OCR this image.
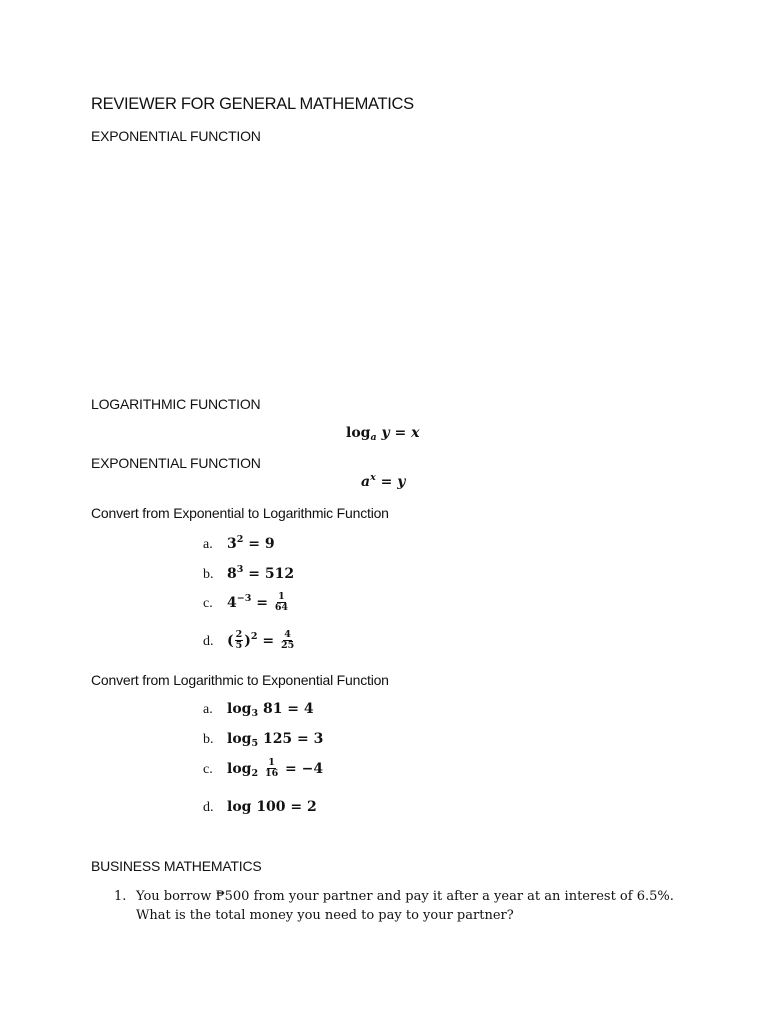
REVIEWER FOR GENERAL MATHEMATICS
EXPONENTIAL FUNCTION
LOGARITHMIC FUNCTION
$\log_a y = x$
EXPONENTIAL FUNCTION
$a^x = y$
Convert from Exponential to Logarithmic Function
a. $3^2 = 9$
b. $8^3 = 512$
c. $4^{-3} = \frac{1}{64}$
d. ( $\frac{2}{5} )^2 = \frac{4}{25}$
Convert from Logarithmic to Exponential Function
a. $\log_3 81 = 4$
b. $\log_5 125 = 3$
c. $\log_2 \frac{1}{16} = -4$
d. log 100 = 2
BUSINESS MATHEMATICS
1. You borrow ₱500 from your partner and pay it after a year at an interest of 6.5%.
What is the total money you need to pay to your partner?
